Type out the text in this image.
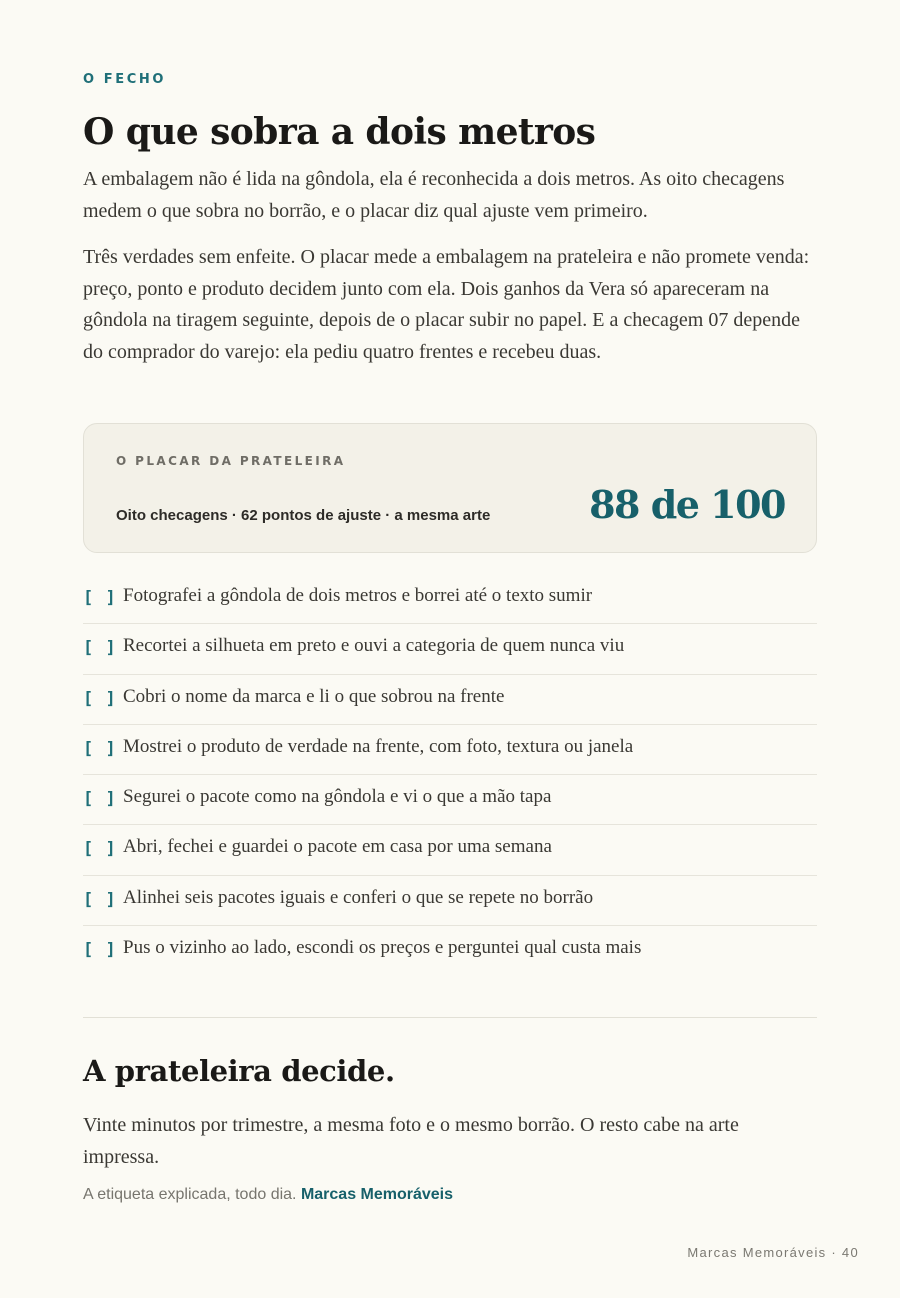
O FECHO

O que sobra a dois metros

A embalagem não é lida na gôndola, ela é reconhecida a dois metros. As oito checagens medem o que sobra no borrão, e o placar diz qual ajuste vem primeiro.

Três verdades sem enfeite. O placar mede a embalagem na prateleira e não promete venda: preço, ponto e produto decidem junto com ela. Dois ganhos da Vera só apareceram na gôndola na tiragem seguinte, depois de o placar subir no papel. E a checagem 07 depende do comprador do varejo: ela pediu quatro frentes e recebeu duas.

O PLACAR DA PRATELEIRA

Oito checagens · 62 pontos de ajuste · a mesma arte	88 de 100

[ ] Fotografei a gôndola de dois metros e borrei até o texto sumir
[ ] Recortei a silhueta em preto e ouvi a categoria de quem nunca viu
[ ] Cobri o nome da marca e li o que sobrou na frente
[ ] Mostrei o produto de verdade na frente, com foto, textura ou janela
[ ] Segurei o pacote como na gôndola e vi o que a mão tapa
[ ] Abri, fechei e guardei o pacote em casa por uma semana
[ ] Alinhei seis pacotes iguais e conferi o que se repete no borrão
[ ] Pus o vizinho ao lado, escondi os preços e perguntei qual custa mais
A prateleira decide.

Vinte minutos por trimestre, a mesma foto e o mesmo borrão. O resto cabe na arte impressa.

A etiqueta explicada, todo dia. Marcas Memoráveis

Marcas Memoráveis · 40
